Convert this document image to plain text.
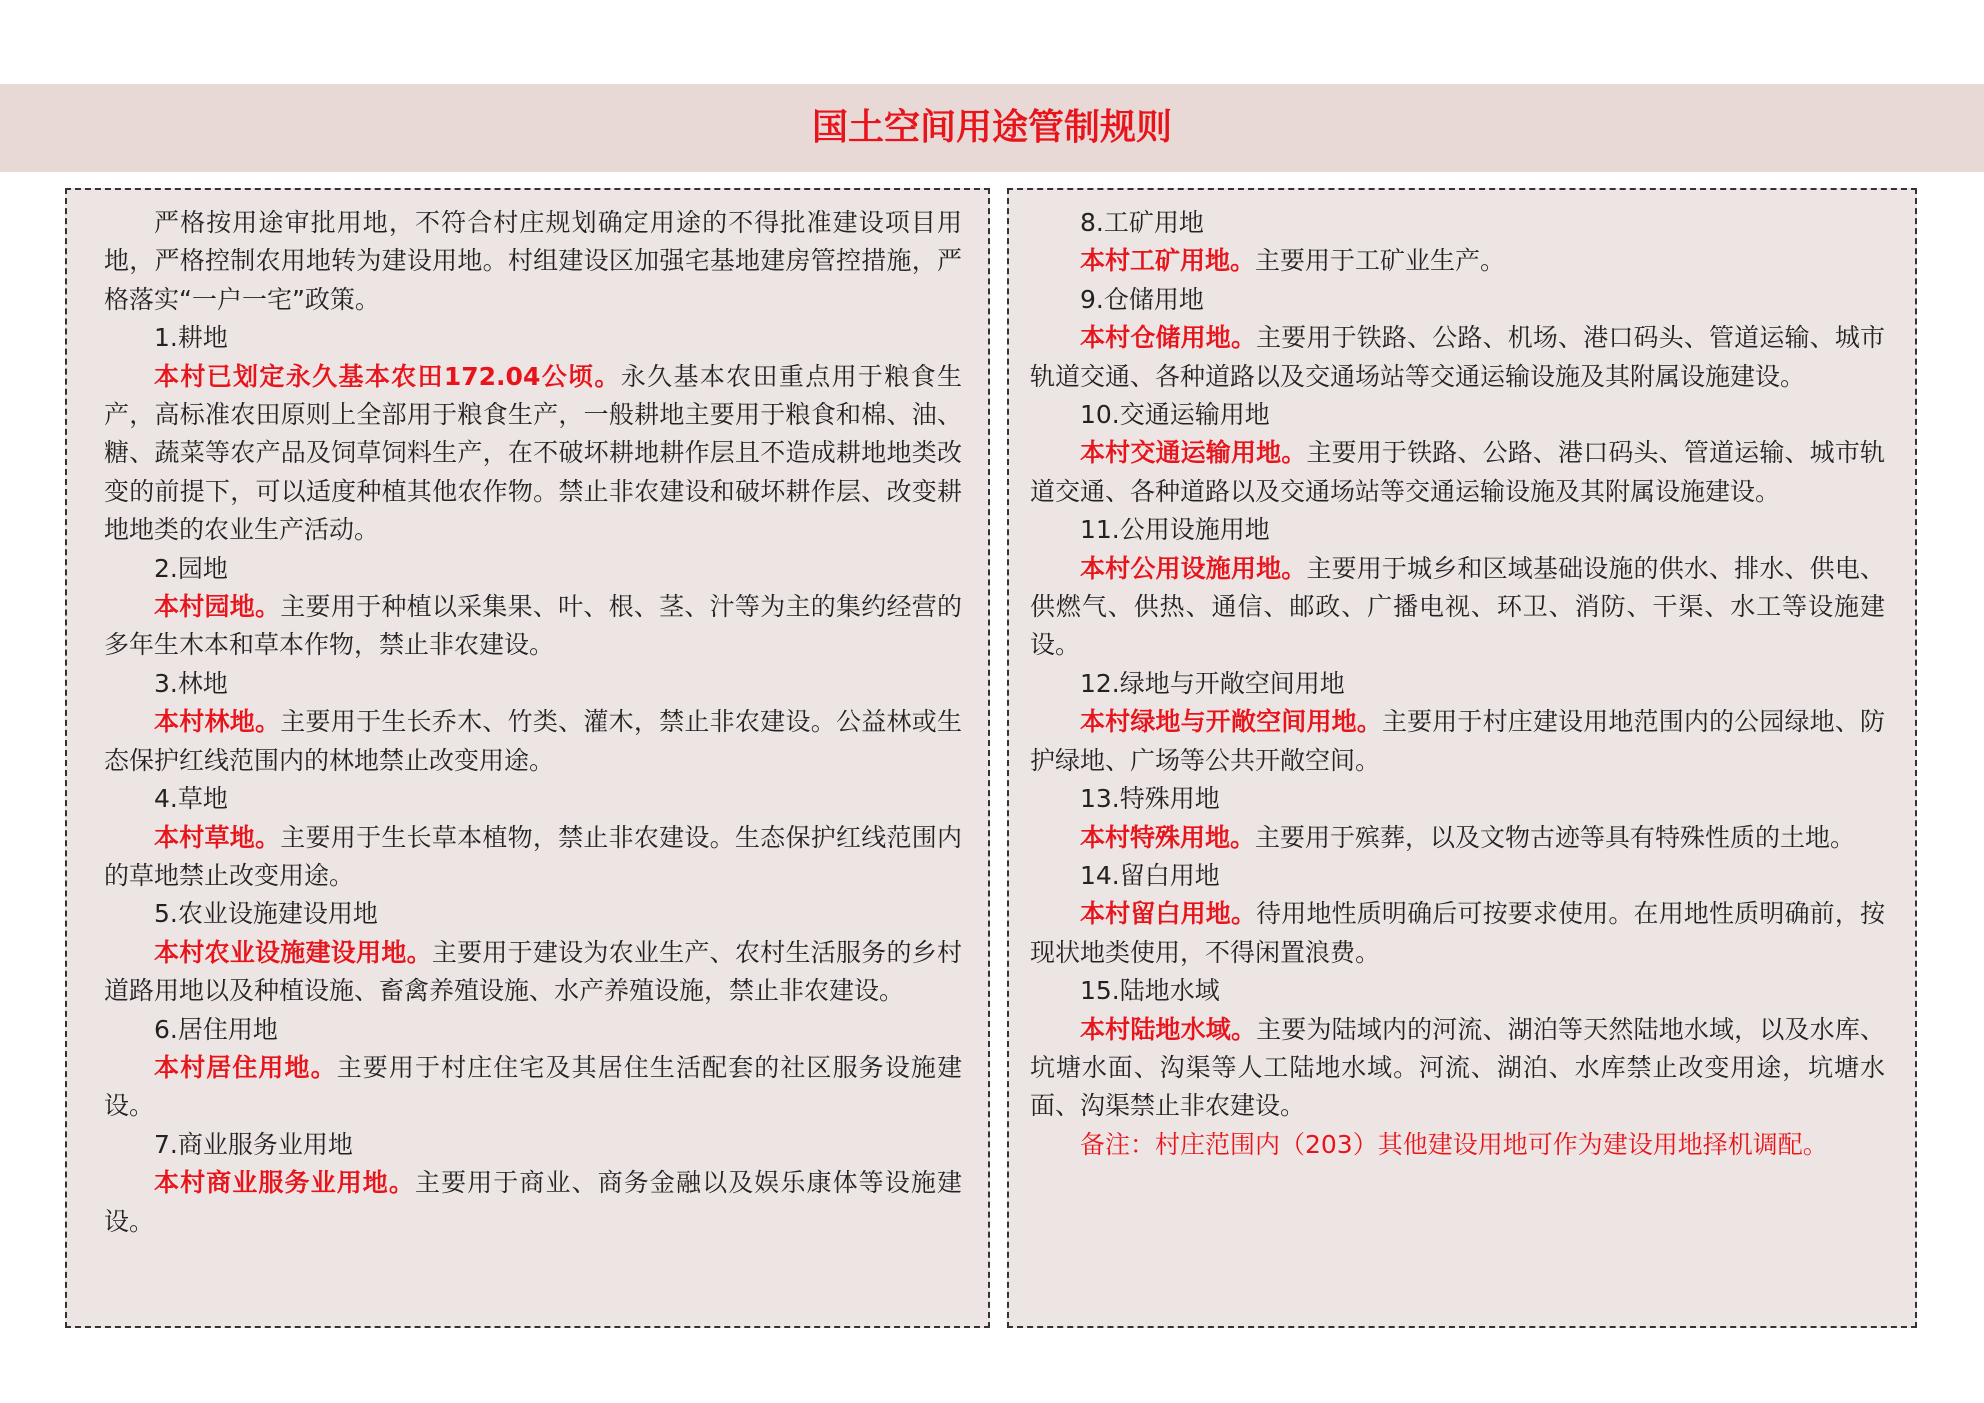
国土空间用途管制规则

严格按用途审批用地，不符合村庄规划确定用途的不得批准建设项目用地，严格控制农用地转为建设用地。村组建设区加强宅基地建房管控措施，严格落实“一户一宅”政策。

1.耕地

本村已划定永久基本农田172.04公顷。永久基本农田重点用于粮食生产，高标准农田原则上全部用于粮食生产，一般耕地主要用于粮食和棉、油、糖、蔬菜等农产品及饲草饲料生产，在不破坏耕地耕作层且不造成耕地地类改变的前提下，可以适度种植其他农作物。禁止非农建设和破坏耕作层、改变耕地地类的农业生产活动。

2.园地

本村园地。主要用于种植以采集果、叶、根、茎、汁等为主的集约经营的多年生木本和草本作物，禁止非农建设。

3.林地

本村林地。主要用于生长乔木、竹类、灌木，禁止非农建设。公益林或生态保护红线范围内的林地禁止改变用途。

4.草地

本村草地。主要用于生长草本植物，禁止非农建设。生态保护红线范围内的草地禁止改变用途。

5.农业设施建设用地

本村农业设施建设用地。主要用于建设为农业生产、农村生活服务的乡村道路用地以及种植设施、畜禽养殖设施、水产养殖设施，禁止非农建设。

6.居住用地

本村居住用地。主要用于村庄住宅及其居住生活配套的社区服务设施建设。

7.商业服务业用地

本村商业服务业用地。主要用于商业、商务金融以及娱乐康体等设施建设。

8.工矿用地

本村工矿用地。主要用于工矿业生产。

9.仓储用地

本村仓储用地。主要用于铁路、公路、机场、港口码头、管道运输、城市轨道交通、各种道路以及交通场站等交通运输设施及其附属设施建设。

10.交通运输用地

本村交通运输用地。主要用于铁路、公路、港口码头、管道运输、城市轨道交通、各种道路以及交通场站等交通运输设施及其附属设施建设。

11.公用设施用地

本村公用设施用地。主要用于城乡和区域基础设施的供水、排水、供电、供燃气、供热、通信、邮政、广播电视、环卫、消防、干渠、水工等设施建设。

12.绿地与开敞空间用地

本村绿地与开敞空间用地。主要用于村庄建设用地范围内的公园绿地、防护绿地、广场等公共开敞空间。

13.特殊用地

本村特殊用地。主要用于殡葬，以及文物古迹等具有特殊性质的土地。

14.留白用地

本村留白用地。待用地性质明确后可按要求使用。在用地性质明确前，按现状地类使用，不得闲置浪费。

15.陆地水域

本村陆地水域。主要为陆域内的河流、湖泊等天然陆地水域，以及水库、坑塘水面、沟渠等人工陆地水域。河流、湖泊、水库禁止改变用途，坑塘水面、沟渠禁止非农建设。

备注：村庄范围内（203）其他建设用地可作为建设用地择机调配。
